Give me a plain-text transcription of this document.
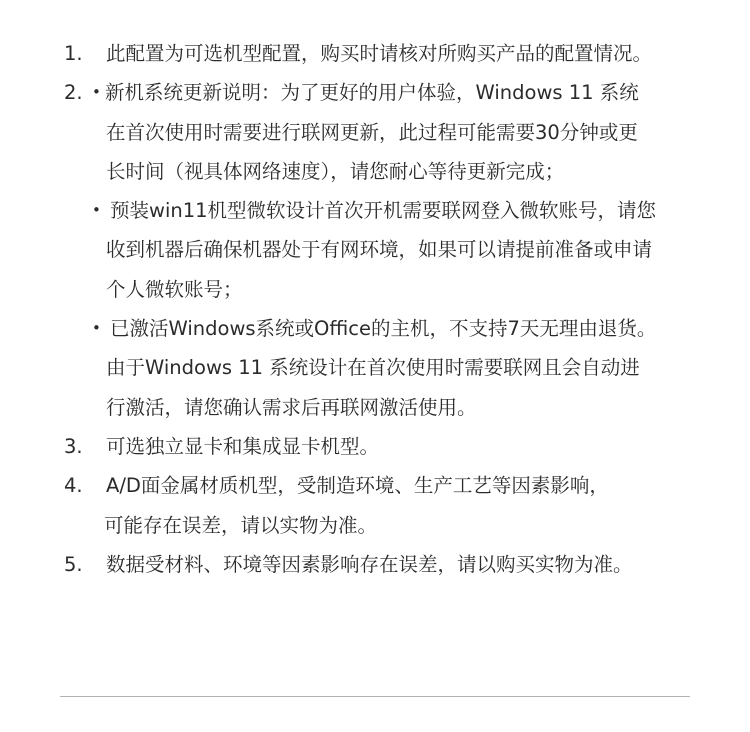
1. 此配置为可选机型配置，购买时请核对所购买产品的配置情况。
2. • 新机系统更新说明：为了更好的用户体验，Windows 11 系统
在首次使用时需要进行联网更新，此过程可能需要30分钟或更
长时间（视具体网络速度），请您耐心等待更新完成；
• 预装win11机型微软设计首次开机需要联网登入微软账号，请您
收到机器后确保机器处于有网环境，如果可以请提前准备或申请
个人微软账号；
• 已激活Windows系统或Office的主机，不支持7天无理由退货。
由于Windows 11 系统设计在首次使用时需要联网且会自动进
行激活，请您确认需求后再联网激活使用。
3. 可选独立显卡和集成显卡机型。
4. A/D面金属材质机型，受制造环境、生产工艺等因素影响，
可能存在误差，请以实物为准。
5. 数据受材料、环境等因素影响存在误差，请以购买实物为准。
